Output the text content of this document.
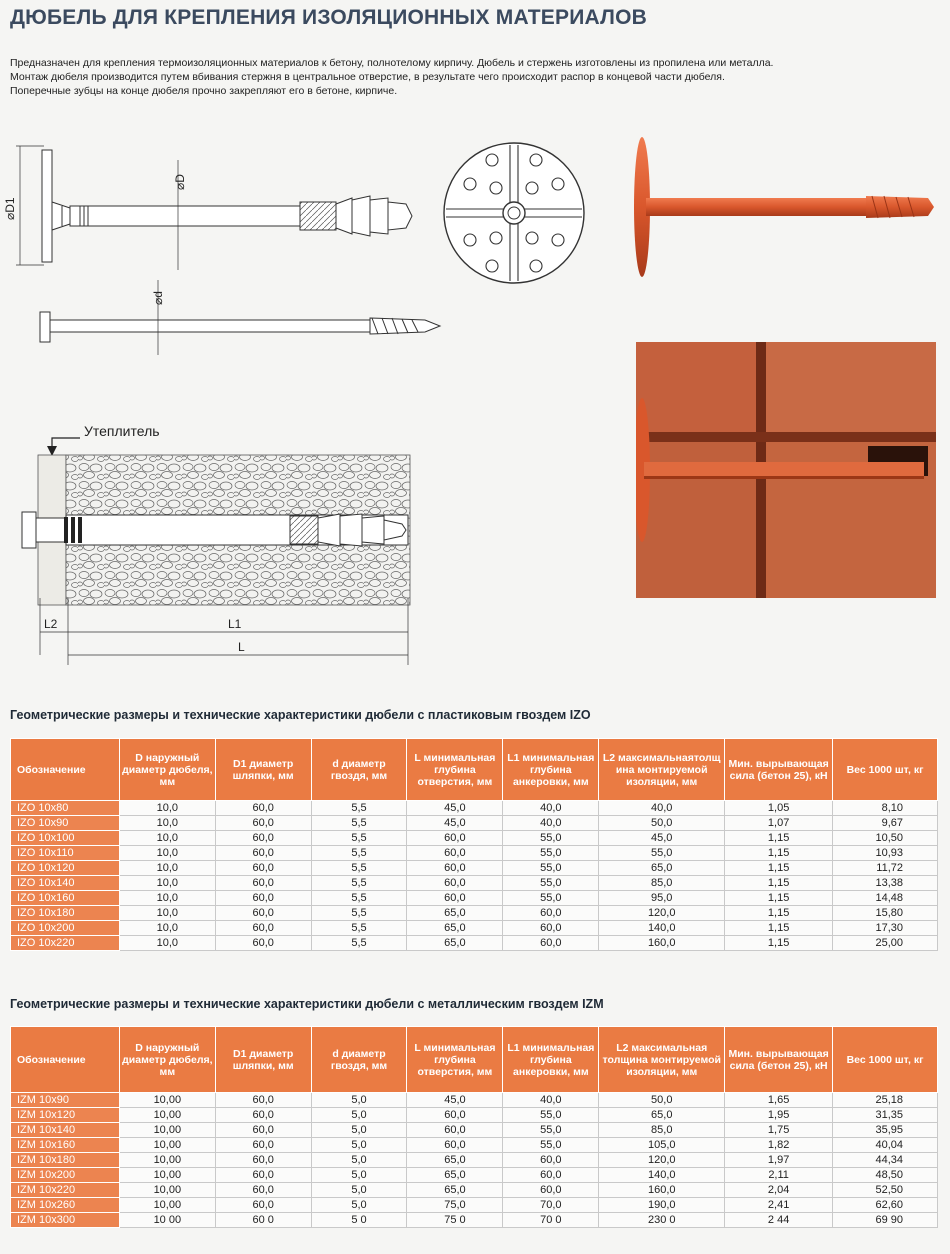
ДЮБЕЛЬ ДЛЯ КРЕПЛЕНИЯ ИЗОЛЯЦИОННЫХ МАТЕРИАЛОВ

Предназначен для крепления термоизоляционных материалов к бетону, полнотелому кирпичу. Дюбель и стержень изготовлены из пропилена или металла.

Монтаж дюбеля производится путем вбивания стержня в центральное отверстие, в результате чего происходит распор в концевой части дюбеля.

Поперечные зубцы на конце дюбеля прочно закрепляют его в бетоне, кирпиче.

⌀D1
⌀D
⌀d
Утеплитель
L2	L1
L
Геометрические размеры и технические характеристики дюбели с пластиковым гвоздем IZO
Обозначение	D наружный диаметр дюбеля, мм	D1 диаметр шляпки, мм	d диаметр гвоздя, мм	L минимальная глубина отверстия, мм	L1 минимальная глубина анкеровки, мм	L2 максимальнаятолщ ина монтируемой изоляции, мм	Мин. вырывающая сила (бетон 25), кН	Вес 1000 шт, кг
IZO 10х80	10,0	60,0	5,5	45,0	40,0	40,0	1,05	8,10
IZO 10х90	10,0	60,0	5,5	45,0	40,0	50,0	1,07	9,67
IZO 10х100	10,0	60,0	5,5	60,0	55,0	45,0	1,15	10,50
IZO 10х110	10,0	60,0	5,5	60,0	55,0	55,0	1,15	10,93
IZO 10х120	10,0	60,0	5,5	60,0	55,0	65,0	1,15	11,72
IZO 10х140	10,0	60,0	5,5	60,0	55,0	85,0	1,15	13,38
IZO 10х160	10,0	60,0	5,5	60,0	55,0	95,0	1,15	14,48
IZO 10х180	10,0	60,0	5,5	65,0	60,0	120,0	1,15	15,80
IZO 10х200	10,0	60,0	5,5	65,0	60,0	140,0	1,15	17,30
IZO 10х220	10,0	60,0	5,5	65,0	60,0	160,0	1,15	25,00
Геометрические размеры и технические характеристики дюбели с металлическим гвоздем IZM
Обозначение	D наружный диаметр дюбеля, мм	D1 диаметр шляпки, мм	d диаметр гвоздя, мм	L минимальная глубина отверстия, мм	L1 минимальная глубина анкеровки, мм	L2 максимальная толщина монтируемой изоляции, мм	Мин. вырывающая сила (бетон 25), кН	Вес 1000 шт, кг
IZM 10х90	10,00	60,0	5,0	45,0	40,0	50,0	1,65	25,18
IZM 10х120	10,00	60,0	5,0	60,0	55,0	65,0	1,95	31,35
IZM 10х140	10,00	60,0	5,0	60,0	55,0	85,0	1,75	35,95
IZM 10х160	10,00	60,0	5,0	60,0	55,0	105,0	1,82	40,04
IZM 10х180	10,00	60,0	5,0	65,0	60,0	120,0	1,97	44,34
IZM 10х200	10,00	60,0	5,0	65,0	60,0	140,0	2,11	48,50
IZM 10х220	10,00	60,0	5,0	65,0	60,0	160,0	2,04	52,50
IZM 10х260	10,00	60,0	5,0	75,0	70,0	190,0	2,41	62,60
IZM 10х300	10 00	60 0	5 0	75 0	70 0	230 0	2 44	69 90
